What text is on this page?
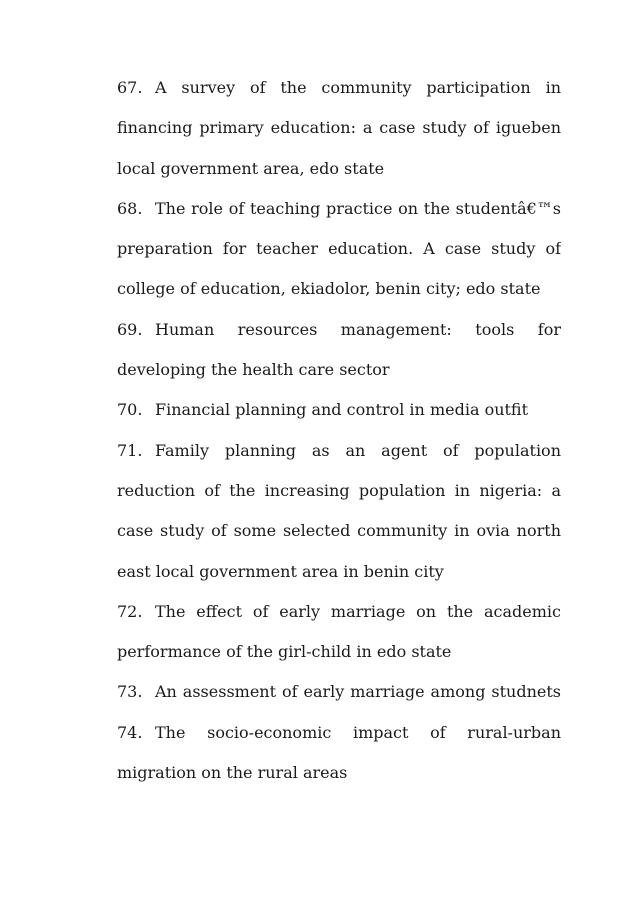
67. A survey of the community participation in
financing primary education: a case study of igueben
local government area, edo state
68. The role of teaching practice on the studentâ€™s
preparation for teacher education. A case study of
college of education, ekiadolor, benin city; edo state
69. Human resources management: tools for
developing the health care sector
70. Financial planning and control in media outfit
71. Family planning as an agent of population
reduction of the increasing population in nigeria: a
case study of some selected community in ovia north
east local government area in benin city
72. The effect of early marriage on the academic
performance of the girl-child in edo state
73. An assessment of early marriage among studnets
74. The socio-economic impact of rural-urban
migration on the rural areas
